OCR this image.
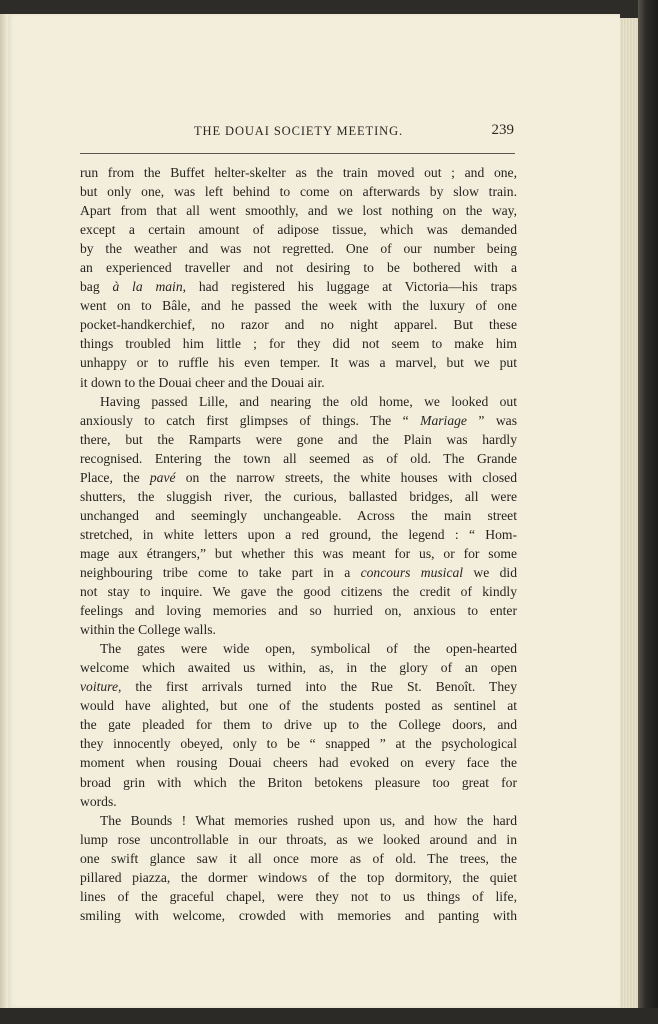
THE DOUAI SOCIETY MEETING.	239

run from the Buffet helter-skelter as the train moved out ; and one,
but only one, was left behind to come on afterwards by slow train.
Apart from that all went smoothly, and we lost nothing on the way,
except a certain amount of adipose tissue, which was demanded
by the weather and was not regretted. One of our number being
an experienced traveller and not desiring to be bothered with a
bag à la main, had registered his luggage at Victoria—his traps
went on to Bâle, and he passed the week with the luxury of one
pocket-handkerchief, no razor and no night apparel. But these
things troubled him little ; for they did not seem to make him
unhappy or to ruffle his even temper. It was a marvel, but we put
it down to the Douai cheer and the Douai air.

Having passed Lille, and nearing the old home, we looked out
anxiously to catch first glimpses of things. The “ Mariage ” was
there, but the Ramparts were gone and the Plain was hardly
recognised. Entering the town all seemed as of old. The Grande
Place, the pavé on the narrow streets, the white houses with closed
shutters, the sluggish river, the curious, ballasted bridges, all were
unchanged and seemingly unchangeable. Across the main street
stretched, in white letters upon a red ground, the legend : “ Hom-
mage aux étrangers,” but whether this was meant for us, or for some
neighbouring tribe come to take part in a concours musical we did
not stay to inquire. We gave the good citizens the credit of kindly
feelings and loving memories and so hurried on, anxious to enter
within the College walls.

The gates were wide open, symbolical of the open-hearted
welcome which awaited us within, as, in the glory of an open
voiture, the first arrivals turned into the Rue St. Benoît. They
would have alighted, but one of the students posted as sentinel at
the gate pleaded for them to drive up to the College doors, and
they innocently obeyed, only to be “ snapped ” at the psychological
moment when rousing Douai cheers had evoked on every face the
broad grin with which the Briton betokens pleasure too great for
words.

The Bounds ! What memories rushed upon us, and how the hard
lump rose uncontrollable in our throats, as we looked around and in
one swift glance saw it all once more as of old. The trees, the
pillared piazza, the dormer windows of the top dormitory, the quiet
lines of the graceful chapel, were they not to us things of life,
smiling with welcome, crowded with memories and panting with
